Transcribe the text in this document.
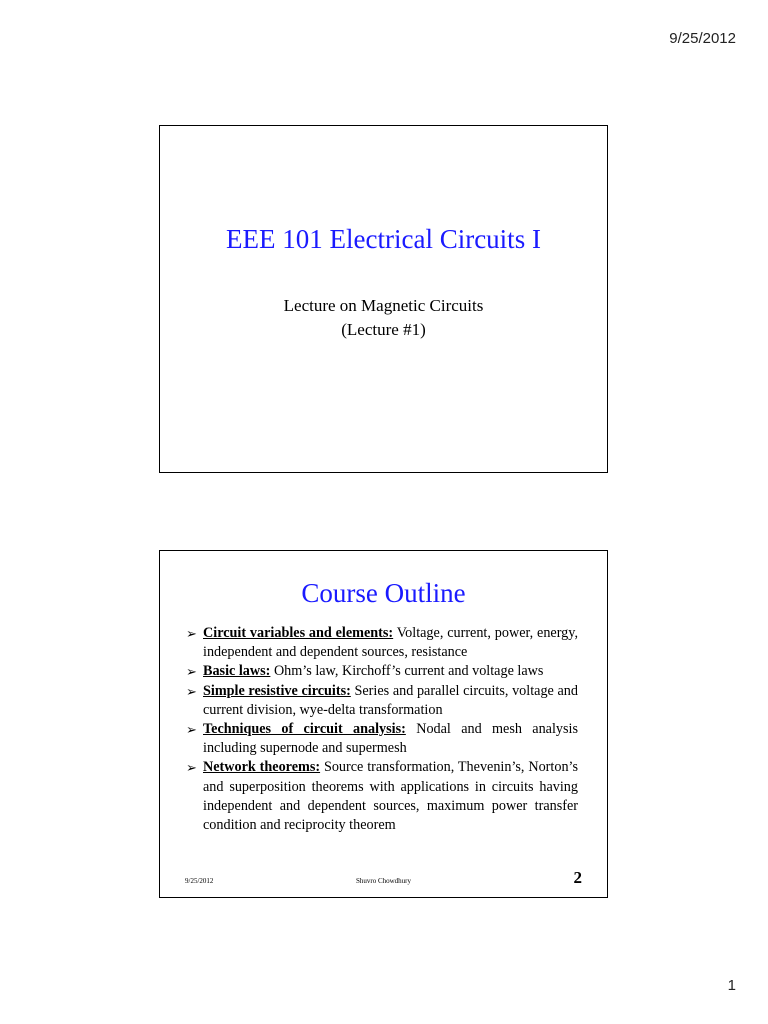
9/25/2012
EEE 101 Electrical Circuits I
Lecture on Magnetic Circuits
(Lecture #1)
Course Outline
➢ Circuit variables and elements: Voltage, current, power, energy, independent and dependent sources, resistance
➢ Basic laws: Ohm’s law, Kirchoff’s current and voltage laws
➢ Simple resistive circuits: Series and parallel circuits, voltage and current division, wye-delta transformation
➢ Techniques of circuit analysis: Nodal and mesh analysis including supernode and supermesh
➢ Network theorems: Source transformation, Thevenin’s, Norton’s and superposition theorems with applications in circuits having independent and dependent sources, maximum power transfer condition and reciprocity theorem
9/25/2012	Shuvro Chowdhury	2
1
